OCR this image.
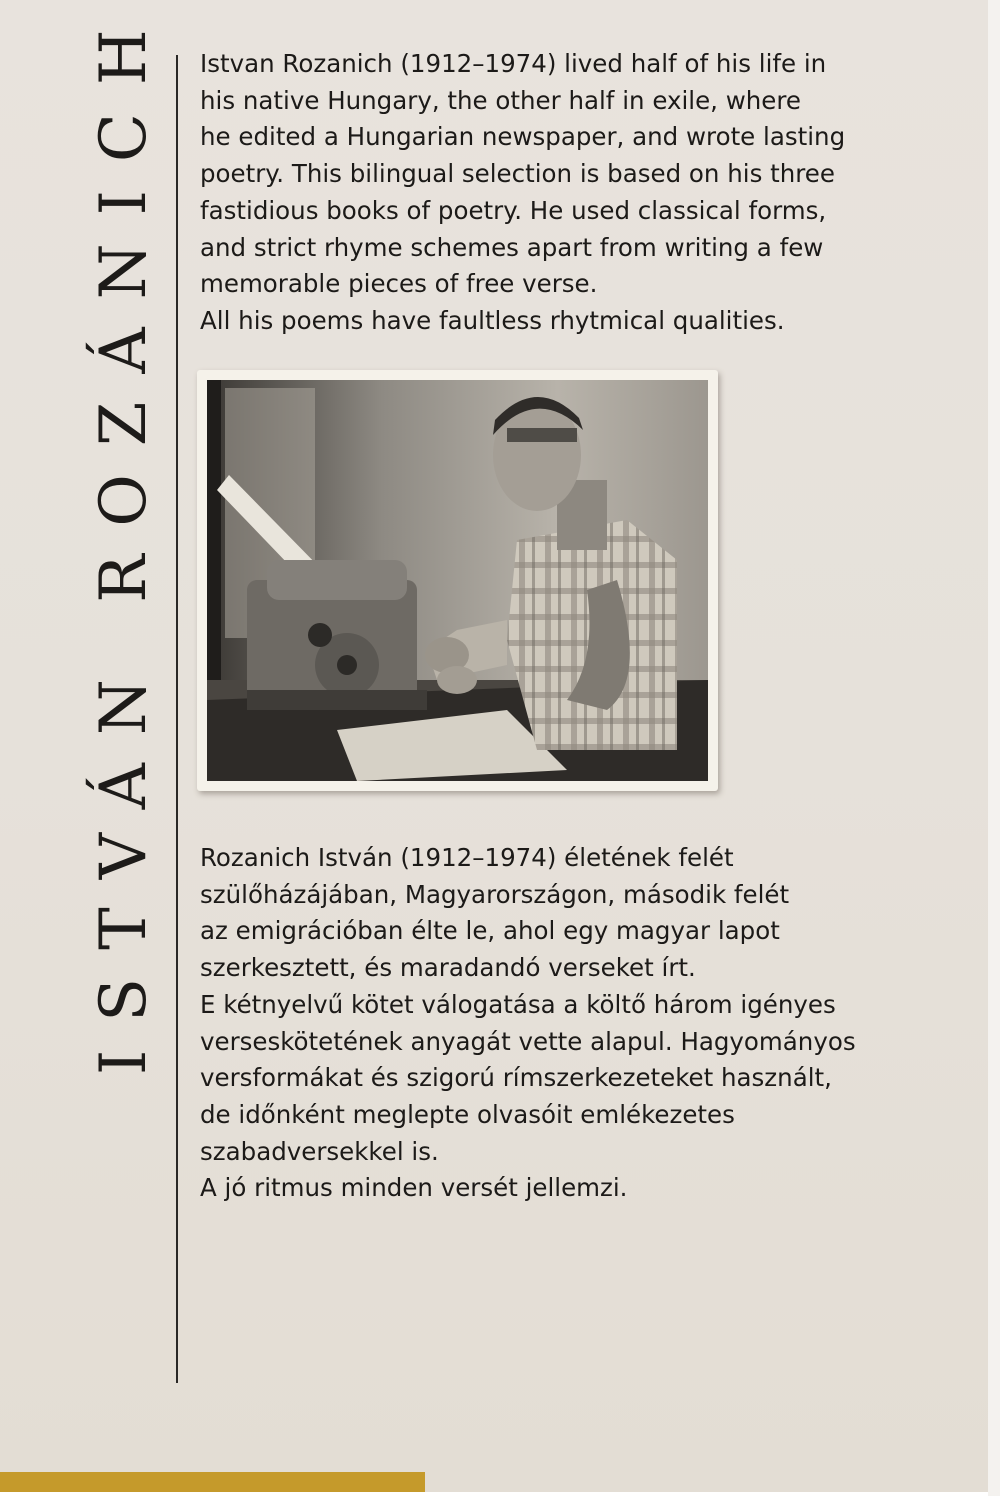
ISTVÁN ROZÁNICH Istvan Rozanich (1912–1974) lived half of his life in
his native Hungary, the other half in exile, where
he edited a Hungarian newspaper, and wrote lasting
poetry. This bilingual selection is based on his three
fastidious books of poetry. He used classical forms,
and strict rhyme schemes apart from writing a few
memorable pieces of free verse.
All his poems have faultless rhytmical qualities.
Rozanich István (1912–1974) életének felét
szülőházájában, Magyarországon, második felét
az emigrációban élte le, ahol egy magyar lapot
szerkesztett, és maradandó verseket írt.
E kétnyelvű kötet válogatása a költő három igényes
verseskötetének anyagát vette alapul. Hagyományos
versformákat és szigorú rímszerkezeteket használt,
de időnként meglepte olvasóit emlékezetes
szabadversekkel is.
A jó ritmus minden versét jellemzi.
